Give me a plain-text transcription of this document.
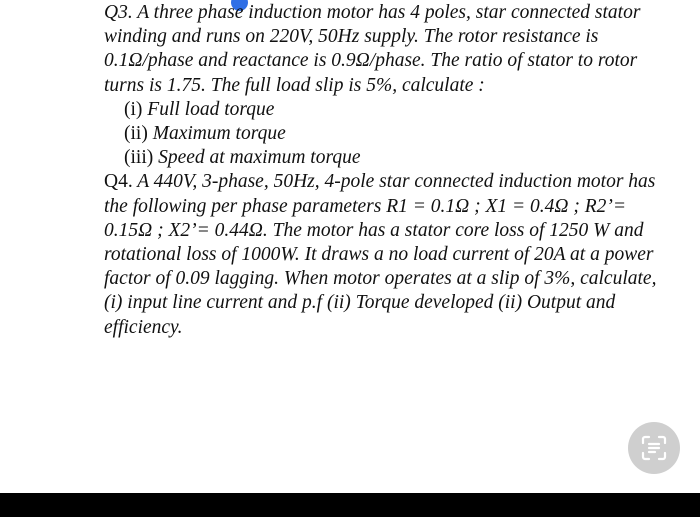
Q3. A three phase induction motor has 4 poles, star connected stator winding and runs on 220V, 50Hz supply. The rotor resistance is 0.1Ω/phase and reactance is 0.9Ω/phase. The ratio of stator to rotor turns is 1.75. The full load slip is 5%, calculate :

(i) Full load torque
(ii) Maximum torque
(iii) Speed at maximum torque

Q4. A 440V, 3-phase, 50Hz, 4-pole star connected induction motor has the following per phase parameters R1 = 0.1Ω ; X1 = 0.4Ω ; R2’= 0.15Ω ; X2’= 0.44Ω. The motor has a stator core loss of 1250 W and rotational loss of 1000W. It draws a no load current of 20A at a power factor of 0.09 lagging. When motor operates at a slip of 3%, calculate, (i) input line current and p.f (ii) Torque developed (ii) Output and efficiency.
